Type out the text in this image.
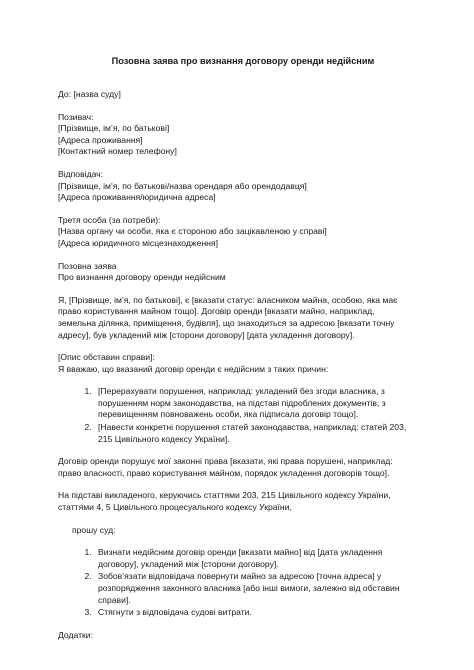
Позовна заява про визнання договору оренди недійсним
До: [назва суду]
Позивач:
[Прізвище, ім’я, по батькові]
[Адреса проживання]
[Контактний номер телефону]
Відповідач:
[Прізвище, ім’я, по батькові/назва орендаря або орендодавця]
[Адреса проживання/юридична адреса]
Третя особа (за потреби):
[Назва органу чи особи, яка є стороною або зацікавленою у справі]
[Адреса юридичного місцезнаходження]
Позовна заява
Про визнання договору оренди недійсним
Я, [Прізвище, ім’я, по батькові], є [вказати статус: власником майна, особою, яка має
право користування майном тощо]. Договір оренди [вказати майно, наприклад,
земельна ділянка, приміщення, будівля], що знаходиться за адресою [вказати точну
адресу], був укладений між [сторони договору] [дата укладення договору].
[Опис обставин справи]:
Я вважаю, що вказаний договір оренди є недійсним з таких причин:
1. [Перерахувати порушення, наприклад: укладений без згоди власника, з
порушенням норм законодавства, на підставі підроблених документів, з
перевищенням повноважень особи, яка підписала договір тощо].
2. [Навести конкретні порушення статей законодавства, наприклад: статей 203,
215 Цивільного кодексу України].
Договір оренди порушує мої законні права [вказати, які права порушені, наприклад:
право власності, право користування майном, порядок укладення договорів тощо].
На підставі викладеного, керуючись статтями 203, 215 Цивільного кодексу України,
статтями 4, 5 Цивільного процесуального кодексу України,
прошу суд:
1. Визнати недійсним договір оренди [вказати майно] від [дата укладення
договору], укладений між [сторони договору].
2. Зобов’язати відповідача повернути майно за адресою [точна адреса] у
розпорядження законного власника [або інші вимоги, залежно від обставин
справи].
3. Стягнути з відповідача судові витрати.
Додатки:
